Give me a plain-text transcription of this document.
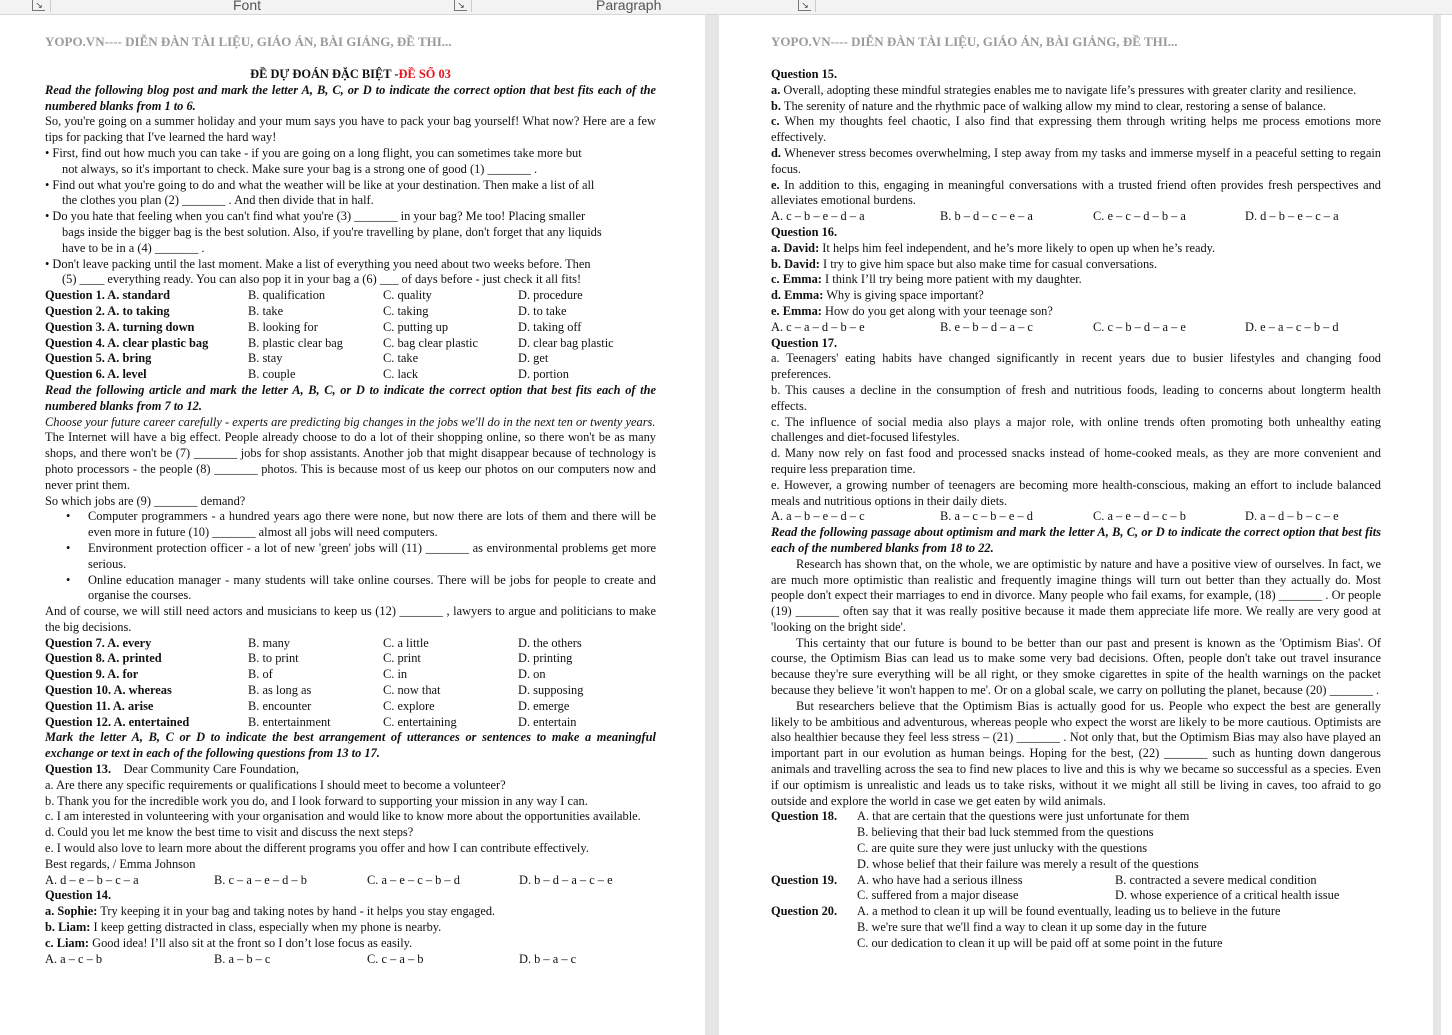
↘	Font	↘	Paragraph	↘
YOPO.VN---- DIỄN ĐÀN TÀI LIỆU, GIÁO ÁN, BÀI GIẢNG, ĐỀ THI...
ĐỀ DỰ ĐOÁN ĐẶC BIỆT -ĐỀ SỐ 03
Read the following blog post and mark the letter A, B, C, or D to indicate the correct option that best fits each of the numbered blanks from 1 to 6.
So, you're going on a summer holiday and your mum says you have to pack your bag yourself! What now? Here are a few tips for packing that I've learned the hard way!
• First, find out how much you can take - if you are going on a long flight, you can sometimes take more but
not always, so it's important to check. Make sure your bag is a strong one of good (1) _______ .
• Find out what you're going to do and what the weather will be like at your destination. Then make a list of all
the clothes you plan (2) _______ . And then divide that in half.
• Do you hate that feeling when you can't find what you're (3) _______ in your bag? Me too! Placing smaller
bags inside the bigger bag is the best solution. Also, if you're travelling by plane, don't forget that any liquids
have to be in a (4) _______ .
• Don't leave packing until the last moment. Make a list of everything you need about two weeks before. Then
(5) ____ everything ready. You can also pop it in your bag a (6) ___ of days before - just check it all fits!
Question 1. A. standard	B. qualification	C. quality	D. procedure
Question 2. A. to taking	B. take	C. taking	D. to take
Question 3. A. turning down	B. looking for	C. putting up	D. taking off
Question 4. A. clear plastic bag	B. plastic clear bag	C. bag clear plastic	D. clear bag plastic
Question 5. A. bring	B. stay	C. take	D. get
Question 6. A. level	B. couple	C. lack	D. portion
Read the following article and mark the letter A, B, C, or D to indicate the correct option that best fits each of the numbered blanks from 7 to 12.
Choose your future career carefully - experts are predicting big changes in the jobs we'll do in the next ten or twenty years.
The Internet will have a big effect. People already choose to do a lot of their shopping online, so there won't be as many shops, and there won't be (7) _______ jobs for shop assistants. Another job that might disappear because of technology is photo processors - the people (8) _______ photos. This is because most of us keep our photos on our computers now and never print them.
So which jobs are (9) _______ demand?
• Computer programmers - a hundred years ago there were none, but now there are lots of them and there will be even more in future (10) _______ almost all jobs will need computers.
• Environment protection officer - a lot of new 'green' jobs will (11) _______ as environmental problems get more serious.
• Online education manager - many students will take online courses. There will be jobs for people to create and organise the courses.
And of course, we will still need actors and musicians to keep us (12) _______ , lawyers to argue and politicians to make the big decisions.
Question 7. A. every	B. many	C. a little	D. the others
Question 8. A. printed	B. to print	C. print	D. printing
Question 9. A. for	B. of	C. in	D. on
Question 10. A. whereas	B. as long as	C. now that	D. supposing
Question 11. A. arise	B. encounter	C. explore	D. emerge
Question 12. A. entertained	B. entertainment	C. entertaining	D. entertain
Mark the letter A, B, C or D to indicate the best arrangement of utterances or sentences to make a meaningful exchange or text in each of the following questions from 13 to 17.
Question 13. Dear Community Care Foundation,
a. Are there any specific requirements or qualifications I should meet to become a volunteer?
b. Thank you for the incredible work you do, and I look forward to supporting your mission in any way I can.
c. I am interested in volunteering with your organisation and would like to know more about the opportunities available.
d. Could you let me know the best time to visit and discuss the next steps?
e. I would also love to learn more about the different programs you offer and how I can contribute effectively.
Best regards, / Emma Johnson
A. d – e – b – c – a	B. c – a – e – d – b	C. a – e – c – b – d	D. b – d – a – c – e
Question 14.
a. Sophie: Try keeping it in your bag and taking notes by hand - it helps you stay engaged.
b. Liam: I keep getting distracted in class, especially when my phone is nearby.
c. Liam: Good idea! I’ll also sit at the front so I don’t lose focus as easily.
A. a – c – b	B. a – b – c	C. c – a – b	D. b – a – c
YOPO.VN---- DIỄN ĐÀN TÀI LIỆU, GIÁO ÁN, BÀI GIẢNG, ĐỀ THI...
Question 15.
a. Overall, adopting these mindful strategies enables me to navigate life’s pressures with greater clarity and resilience.
b. The serenity of nature and the rhythmic pace of walking allow my mind to clear, restoring a sense of balance.
c. When my thoughts feel chaotic, I also find that expressing them through writing helps me process emotions more effectively.
d. Whenever stress becomes overwhelming, I step away from my tasks and immerse myself in a peaceful setting to regain focus.
e. In addition to this, engaging in meaningful conversations with a trusted friend often provides fresh perspectives and alleviates emotional burdens.
A. c – b – e – d – a	B. b – d – c – e – a	C. e – c – d – b – a	D. d – b – e – c – a
Question 16.
a. David: It helps him feel independent, and he’s more likely to open up when he’s ready.
b. David: I try to give him space but also make time for casual conversations.
c. Emma: I think I’ll try being more patient with my daughter.
d. Emma: Why is giving space important?
e. Emma: How do you get along with your teenage son?
A. c – a – d – b – e	B. e – b – d – a – c	C. c – b – d – a – e	D. e – a – c – b – d
Question 17.
a. Teenagers' eating habits have changed significantly in recent years due to busier lifestyles and changing food preferences.
b. This causes a decline in the consumption of fresh and nutritious foods, leading to concerns about longterm health effects.
c. The influence of social media also plays a major role, with online trends often promoting both unhealthy eating challenges and diet-focused lifestyles.
d. Many now rely on fast food and processed snacks instead of home-cooked meals, as they are more convenient and require less preparation time.
e. However, a growing number of teenagers are becoming more health-conscious, making an effort to include balanced meals and nutritious options in their daily diets.
A. a – b – e – d – c	B. a – c – b – e – d	C. a – e – d – c – b	D. a – d – b – c – e
Read the following passage about optimism and mark the letter A, B, C, or D to indicate the correct option that best fits each of the numbered blanks from 18 to 22.
Research has shown that, on the whole, we are optimistic by nature and have a positive view of ourselves. In fact, we are much more optimistic than realistic and frequently imagine things will turn out better than they actually do. Most people don't expect their marriages to end in divorce. Many people who fail exams, for example, (18) _______ . Or people (19) _______ often say that it was really positive because it made them appreciate life more. We really are very good at 'looking on the bright side'.
This certainty that our future is bound to be better than our past and present is known as the 'Optimism Bias'. Of course, the Optimism Bias can lead us to make some very bad decisions. Often, people don't take out travel insurance because they're sure everything will be all right, or they smoke cigarettes in spite of the health warnings on the packet because they believe 'it won't happen to me'. Or on a global scale, we carry on polluting the planet, because (20) _______ .
But researchers believe that the Optimism Bias is actually good for us. People who expect the best are generally likely to be ambitious and adventurous, whereas people who expect the worst are likely to be more cautious. Optimists are also healthier because they feel less stress – (21) _______ . Not only that, but the Optimism Bias may also have played an important part in our evolution as human beings. Hoping for the best, (22) _______ such as hunting down dangerous animals and travelling across the sea to find new places to live and this is why we became so successful as a species. Even if our optimism is unrealistic and leads us to take risks, without it we might all still be living in caves, too afraid to go outside and explore the world in case we get eaten by wild animals.
Question 18. A. that are certain that the questions were just unfortunate for them
B. believing that their bad luck stemmed from the questions
C. are quite sure they were just unlucky with the questions
D. whose belief that their failure was merely a result of the questions
Question 19.	A. who have had a serious illness	B. contracted a severe medical condition
C. suffered from a major disease	D. whose experience of a critical health issue
Question 20. A. a method to clean it up will be found eventually, leading us to believe in the future
B. we're sure that we'll find a way to clean it up some day in the future
C. our dedication to clean it up will be paid off at some point in the future
